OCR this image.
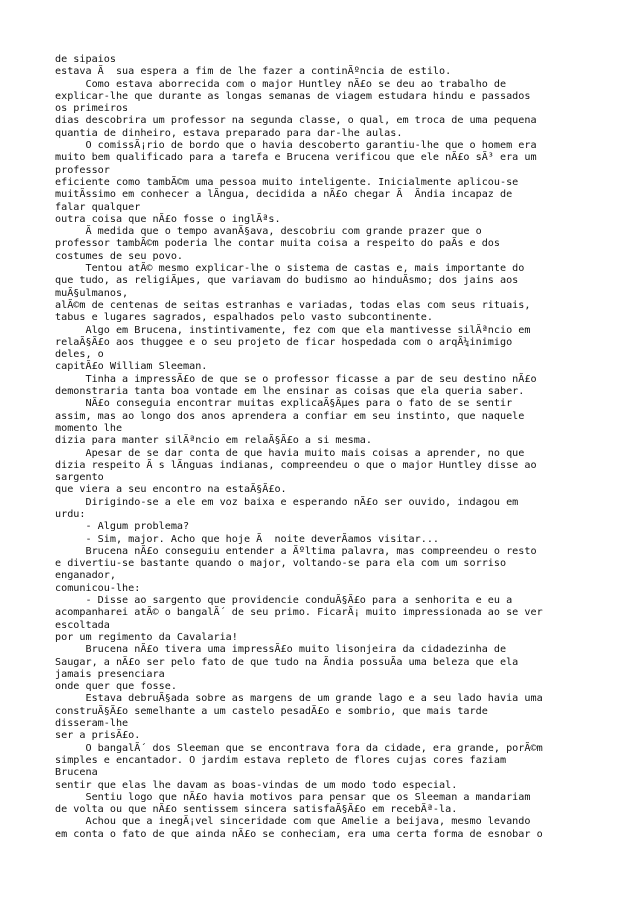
de sipaios
estava Ã  sua espera a fim de lhe fazer a continÃºncia de estilo.
Como estava aborrecida com o major Huntley nÃ£o se deu ao trabalho de
explicar-lhe que durante as longas semanas de viagem estudara hindu e passados
os primeiros
dias descobrira um professor na segunda classe, o qual, em troca de uma pequena
quantia de dinheiro, estava preparado para dar-lhe aulas.
O comissÃ¡rio de bordo que o havia descoberto garantiu-lhe que o homem era
muito bem qualificado para a tarefa e Brucena verificou que ele nÃ£o sÃ³ era um
professor
eficiente como tambÃ©m uma pessoa muito inteligente. Inicialmente aplicou-se
muitÃssimo em conhecer a lÃngua, decidida a nÃ£o chegar Ã  Ãndia incapaz de
falar qualquer
outra coisa que nÃ£o fosse o inglÃªs.
Ã medida que o tempo avanÃ§ava, descobriu com grande prazer que o
professor tambÃ©m poderia lhe contar muita coisa a respeito do paÃs e dos
costumes de seu povo.
Tentou atÃ© mesmo explicar-lhe o sistema de castas e, mais importante do
que tudo, as religiÃµes, que variavam do budismo ao hinduÃsmo; dos jains aos
muÃ§ulmanos,
alÃ©m de centenas de seitas estranhas e variadas, todas elas com seus rituais,
tabus e lugares sagrados, espalhados pelo vasto subcontinente.
Algo em Brucena, instintivamente, fez com que ela mantivesse silÃªncio em
relaÃ§Ã£o aos thuggee e o seu projeto de ficar hospedada com o arqÃ¼inimigo
deles, o
capitÃ£o William Sleeman.
Tinha a impressÃ£o de que se o professor ficasse a par de seu destino nÃ£o
demonstraria tanta boa vontade em lhe ensinar as coisas que ela queria saber.
NÃ£o conseguia encontrar muitas explicaÃ§Ãµes para o fato de se sentir
assim, mas ao longo dos anos aprendera a confiar em seu instinto, que naquele
momento lhe
dizia para manter silÃªncio em relaÃ§Ã£o a si mesma.
Apesar de se dar conta de que havia muito mais coisas a aprender, no que
dizia respeito Ã s lÃnguas indianas, compreendeu o que o major Huntley disse ao
sargento
que viera a seu encontro na estaÃ§Ã£o.
Dirigindo-se a ele em voz baixa e esperando nÃ£o ser ouvido, indagou em
urdu:
- Algum problema?
- Sim, major. Acho que hoje Ã  noite deverÃamos visitar...
Brucena nÃ£o conseguiu entender a Ãºltima palavra, mas compreendeu o resto
e divertiu-se bastante quando o major, voltando-se para ela com um sorriso
enganador,
comunicou-lhe:
- Disse ao sargento que providencie conduÃ§Ã£o para a senhorita e eu a
acompanharei atÃ© o bangalÃ´ de seu primo. FicarÃ¡ muito impressionada ao se ver
escoltada
por um regimento da Cavalaria!
Brucena nÃ£o tivera uma impressÃ£o muito lisonjeira da cidadezinha de
Saugar, a nÃ£o ser pelo fato de que tudo na Ãndia possuÃa uma beleza que ela
jamais presenciara
onde quer que fosse.
Estava debruÃ§ada sobre as margens de um grande lago e a seu lado havia uma
construÃ§Ã£o semelhante a um castelo pesadÃ£o e sombrio, que mais tarde
disseram-lhe
ser a prisÃ£o.
O bangalÃ´ dos Sleeman que se encontrava fora da cidade, era grande, porÃ©m
simples e encantador. O jardim estava repleto de flores cujas cores faziam
Brucena
sentir que elas lhe davam as boas-vindas de um modo todo especial.
Sentiu logo que nÃ£o havia motivos para pensar que os Sleeman a mandariam
de volta ou que nÃ£o sentissem sincera satisfaÃ§Ã£o em recebÃª-la.
Achou que a inegÃ¡vel sinceridade com que Amelie a beijava, mesmo levando
em conta o fato de que ainda nÃ£o se conheciam, era uma certa forma de esnobar o
